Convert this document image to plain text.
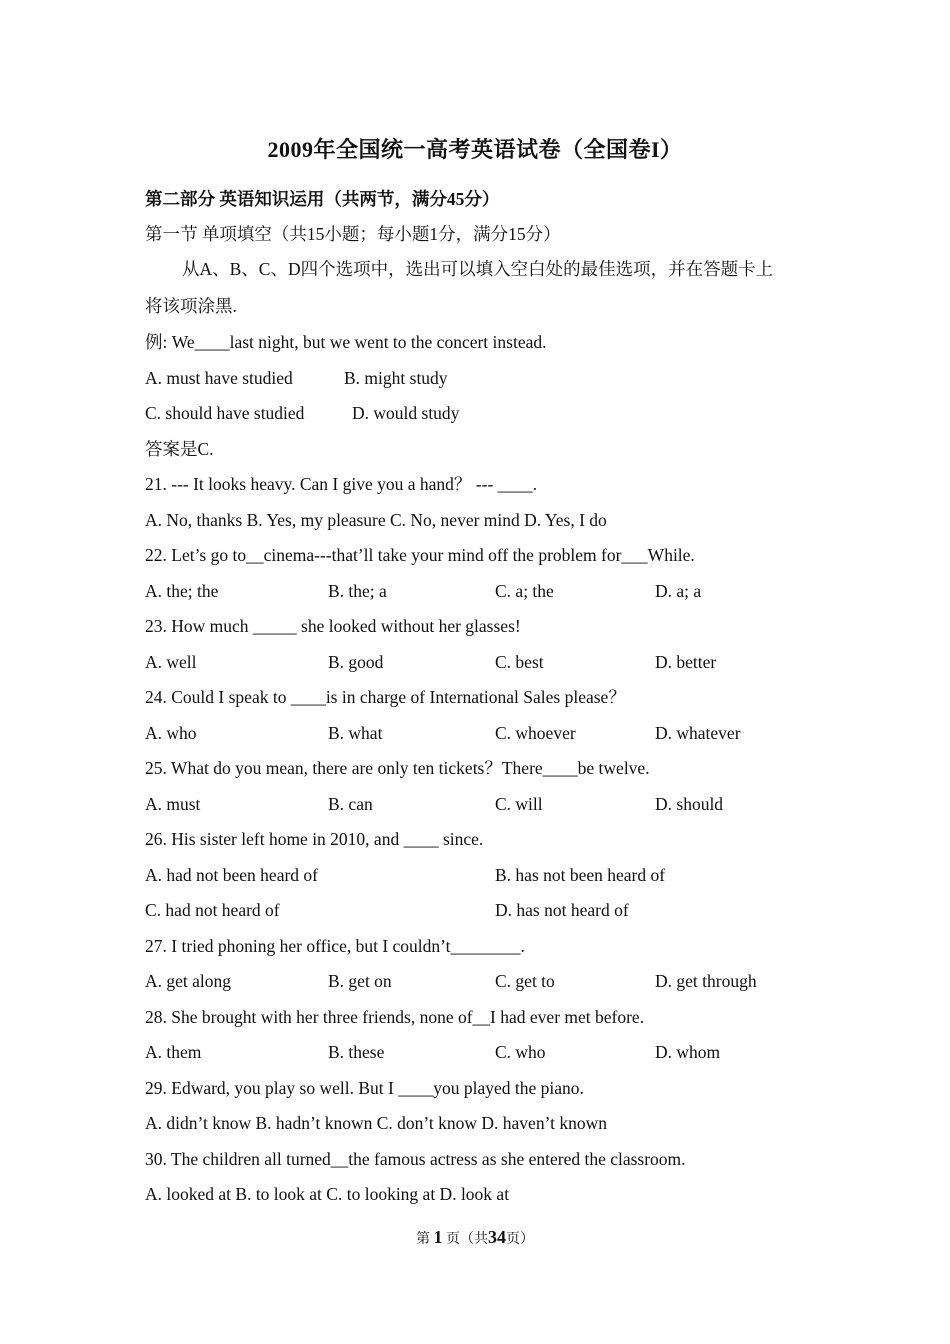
2009年全国统一高考英语试卷（全国卷I）
第二部分 英语知识运用（共两节，满分45分）
第一节 单项填空（共15小题；每小题1分，满分15分）
从A、B、C、D四个选项中，选出可以填入空白处的最佳选项，并在答题卡上
将该项涂黑.
例: We____last night, but we went to the concert instead.
A. must have studied	B. might study
C. should have studied	D. would study
答案是C.
21. --- It looks heavy. Can I give you a hand？ --- ____.
A. No, thanks B. Yes, my pleasure C. No, never mind D. Yes, I do
22. Let’s go to__cinema---that’ll take your mind off the problem for___While.
A. the; the	B. the; a	C. a; the	D. a; a
23. How much _____ she looked without her glasses!
A. well	B. good	C. best	D. better
24. Could I speak to ____is in charge of International Sales please？
A. who	B. what	C. whoever	D. whatever
25. What do you mean, there are only ten tickets？There____be twelve.
A. must	B. can	C. will	D. should
26. His sister left home in 2010, and ____ since.
A. had not been heard of	B. has not been heard of
C. had not heard of	D. has not heard of
27. I tried phoning her office, but I couldn’t________.
A. get along	B. get on	C. get to	D. get through
28. She brought with her three friends, none of__I had ever met before.
A. them	B. these	C. who	D. whom
29. Edward, you play so well. But I ____you played the piano.
A. didn’t know B. hadn’t known C. don’t know D. haven’t known
30. The children all turned__the famous actress as she entered the classroom.
A. looked at B. to look at C. to looking at D. look at
第 1 页（共34页）
